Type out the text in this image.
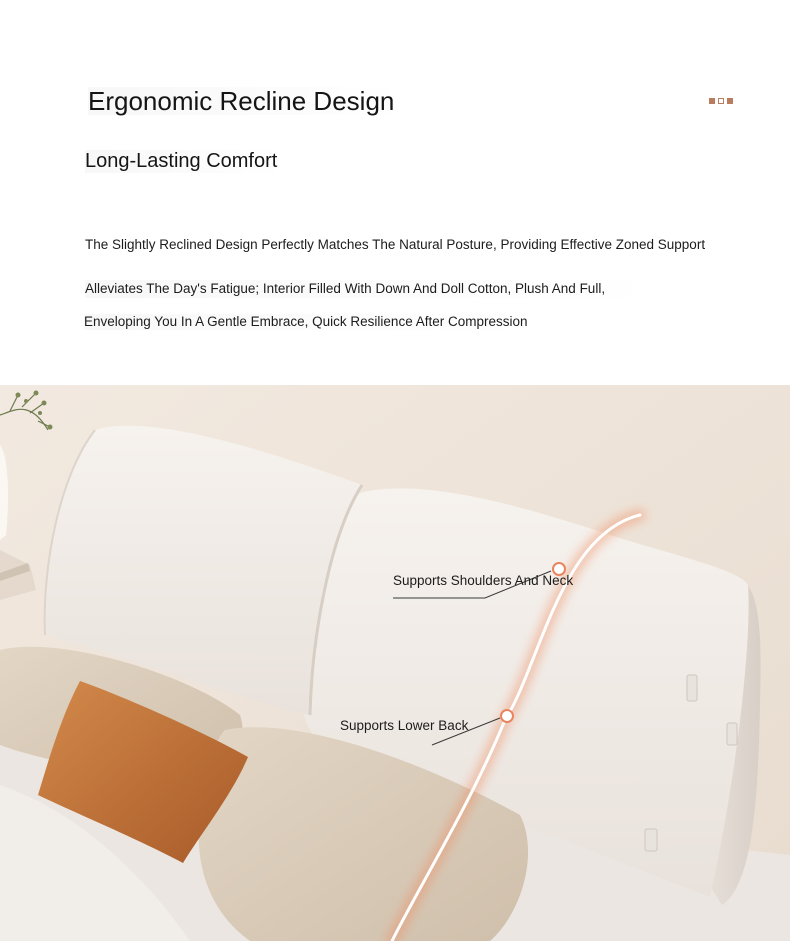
Ergonomic Recline Design
Long-Lasting Comfort

The Slightly Reclined Design Perfectly Matches The Natural Posture, Providing Effective Zoned Support

Alleviates The Day's Fatigue; Interior Filled With Down And Doll Cotton, Plush And Full,

Enveloping You In A Gentle Embrace, Quick Resilience After Compression

Supports Shoulders And Neck
Supports Lower Back
